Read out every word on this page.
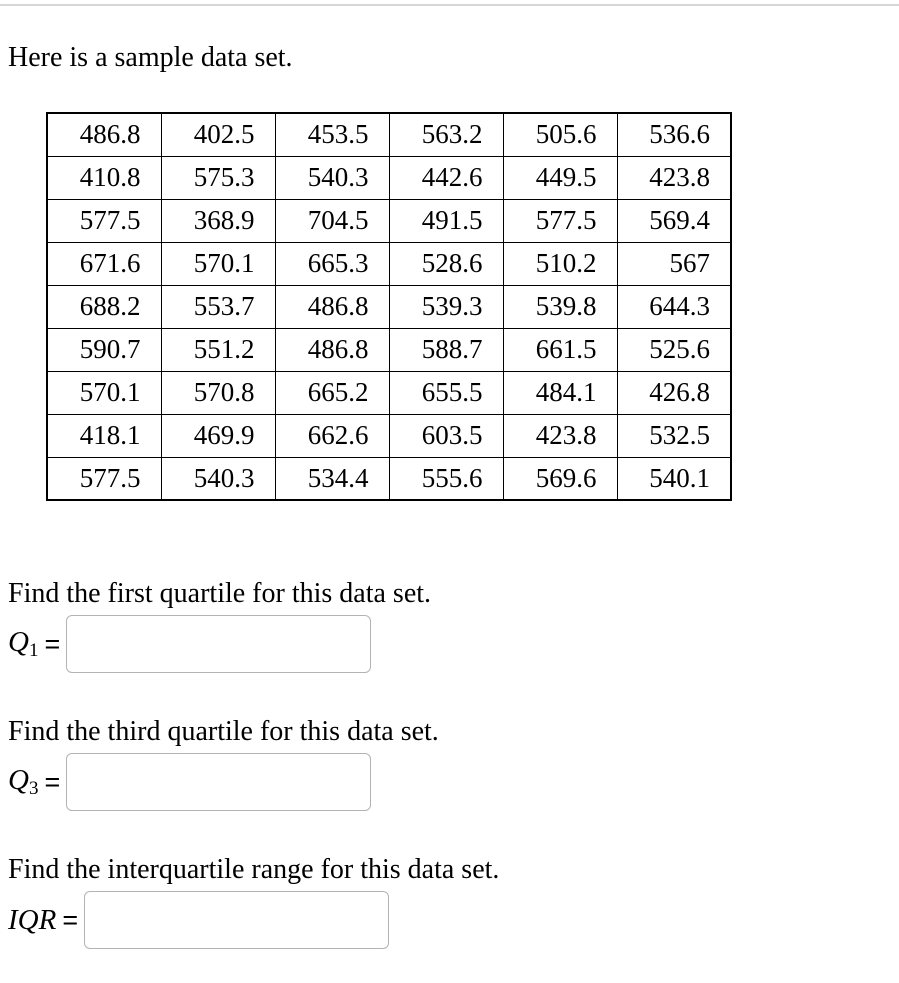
Here is a sample data set.

486.8	402.5	453.5	563.2	505.6	536.6
410.8	575.3	540.3	442.6	449.5	423.8
577.5	368.9	704.5	491.5	577.5	569.4
671.6	570.1	665.3	528.6	510.2	567
688.2	553.7	486.8	539.3	539.8	644.3
590.7	551.2	486.8	588.7	661.5	525.6
570.1	570.8	665.2	655.5	484.1	426.8
418.1	469.9	662.6	603.5	423.8	532.5
577.5	540.3	534.4	555.6	569.6	540.1

Find the first quartile for this data set.

$Q_1$ =

Find the third quartile for this data set.

$Q_3$ =

Find the interquartile range for this data set.

IQR =
